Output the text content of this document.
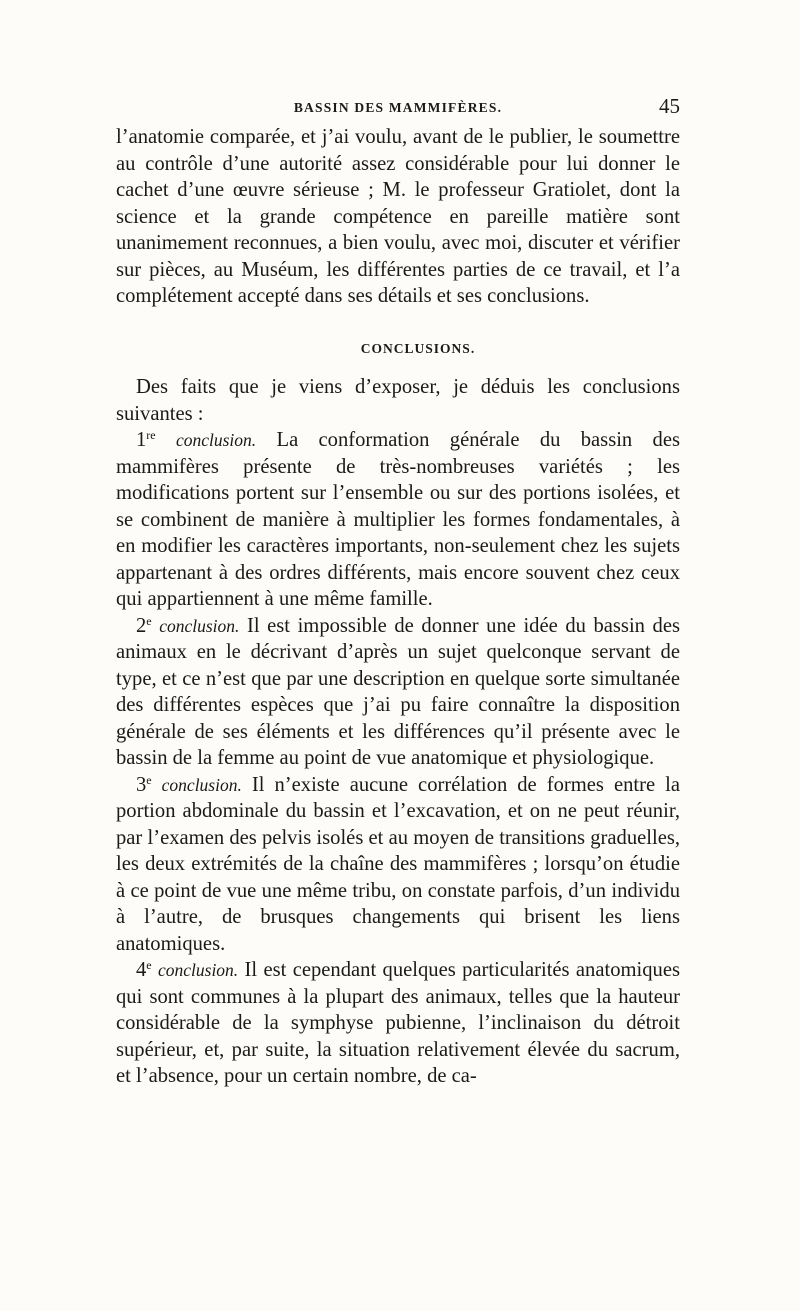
BASSIN DES MAMMIFÈRES.	45

l’anatomie comparée, et j’ai voulu, avant de le publier, le soumettre au contrôle d’une autorité assez considérable pour lui donner le cachet d’une œuvre sérieuse ; M. le professeur Gratiolet, dont la science et la grande compétence en pareille matière sont unanimement reconnues, a bien voulu, avec moi, discuter et vérifier sur pièces, au Muséum, les différentes parties de ce travail, et l’a complétement accepté dans ses détails et ses conclusions.

CONCLUSIONS.

Des faits que je viens d’exposer, je déduis les conclusions suivantes :

1re conclusion. La conformation générale du bassin des mammifères présente de très-nombreuses variétés ; les modifications portent sur l’ensemble ou sur des portions isolées, et se combinent de manière à multiplier les formes fondamentales, à en modifier les caractères importants, non-seulement chez les sujets appartenant à des ordres différents, mais encore souvent chez ceux qui appartiennent à une même famille.

2e conclusion. Il est impossible de donner une idée du bassin des animaux en le décrivant d’après un sujet quelconque servant de type, et ce n’est que par une description en quelque sorte simultanée des différentes espèces que j’ai pu faire connaître la disposition générale de ses éléments et les différences qu’il présente avec le bassin de la femme au point de vue anatomique et physiologique.

3e conclusion. Il n’existe aucune corrélation de formes entre la portion abdominale du bassin et l’excavation, et on ne peut réunir, par l’examen des pelvis isolés et au moyen de transitions graduelles, les deux extrémités de la chaîne des mammifères ; lorsqu’on étudie à ce point de vue une même tribu, on constate parfois, d’un individu à l’autre, de brusques changements qui brisent les liens anatomiques.

4e conclusion. Il est cependant quelques particularités anatomiques qui sont communes à la plupart des animaux, telles que la hauteur considérable de la symphyse pubienne, l’inclinaison du détroit supérieur, et, par suite, la situation relativement élevée du sacrum, et l’absence, pour un certain nombre, de ca-
